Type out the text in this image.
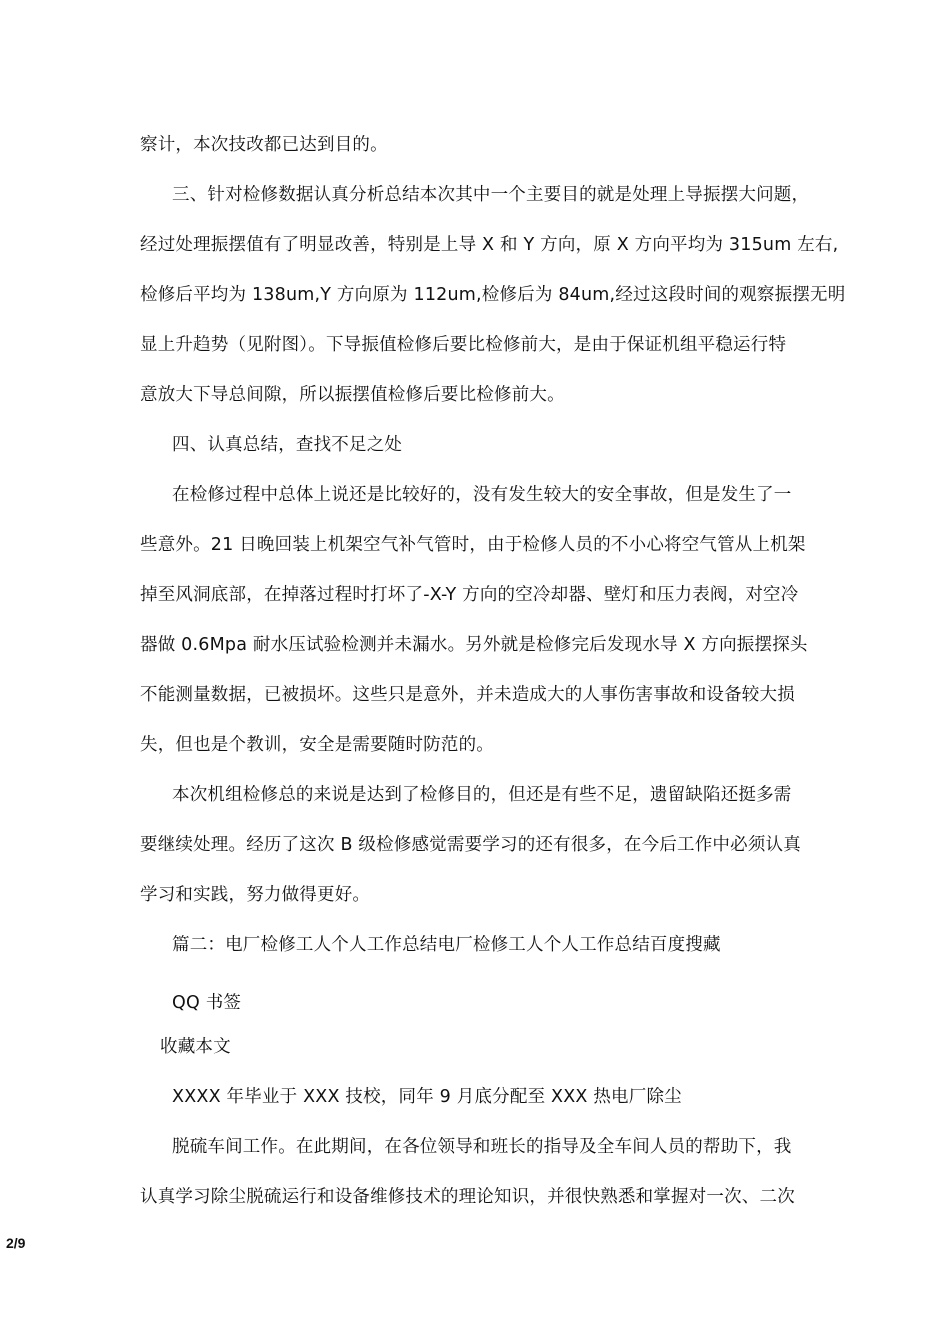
察计，本次技改都已达到目的。
三、针对检修数据认真分析总结本次其中一个主要目的就是处理上导振摆大问题，
经过处理振摆值有了明显改善，特别是上导 X 和 Y 方向，原 X 方向平均为 315um 左右,
检修后平均为 138um,Y 方向原为 112um,检修后为 84um,经过这段时间的观察振摆无明
显上升趋势（见附图）。下导振值检修后要比检修前大，是由于保证机组平稳运行特
意放大下导总间隙，所以振摆值检修后要比检修前大。
四、认真总结，查找不足之处
在检修过程中总体上说还是比较好的，没有发生较大的安全事故，但是发生了一
些意外。21 日晚回装上机架空气补气管时，由于检修人员的不小心将空气管从上机架
掉至风洞底部，在掉落过程时打坏了-X-Y 方向的空冷却器、壁灯和压力表阀，对空冷
器做 0.6Mpa 耐水压试验检测并未漏水。另外就是检修完后发现水导 X 方向振摆探头
不能测量数据，已被损坏。这些只是意外，并未造成大的人事伤害事故和设备较大损
失，但也是个教训，安全是需要随时防范的。
本次机组检修总的来说是达到了检修目的，但还是有些不足，遗留缺陷还挺多需
要继续处理。经历了这次 B 级检修感觉需要学习的还有很多，在今后工作中必须认真
学习和实践，努力做得更好。
篇二：电厂检修工人个人工作总结电厂检修工人个人工作总结百度搜藏
QQ 书签
收藏本文
XXXX 年毕业于 XXX 技校，同年 9 月底分配至 XXX 热电厂除尘
脱硫车间工作。在此期间，在各位领导和班长的指导及全车间人员的帮助下，我
认真学习除尘脱硫运行和设备维修技术的理论知识，并很快熟悉和掌握对一次、二次
2/9
